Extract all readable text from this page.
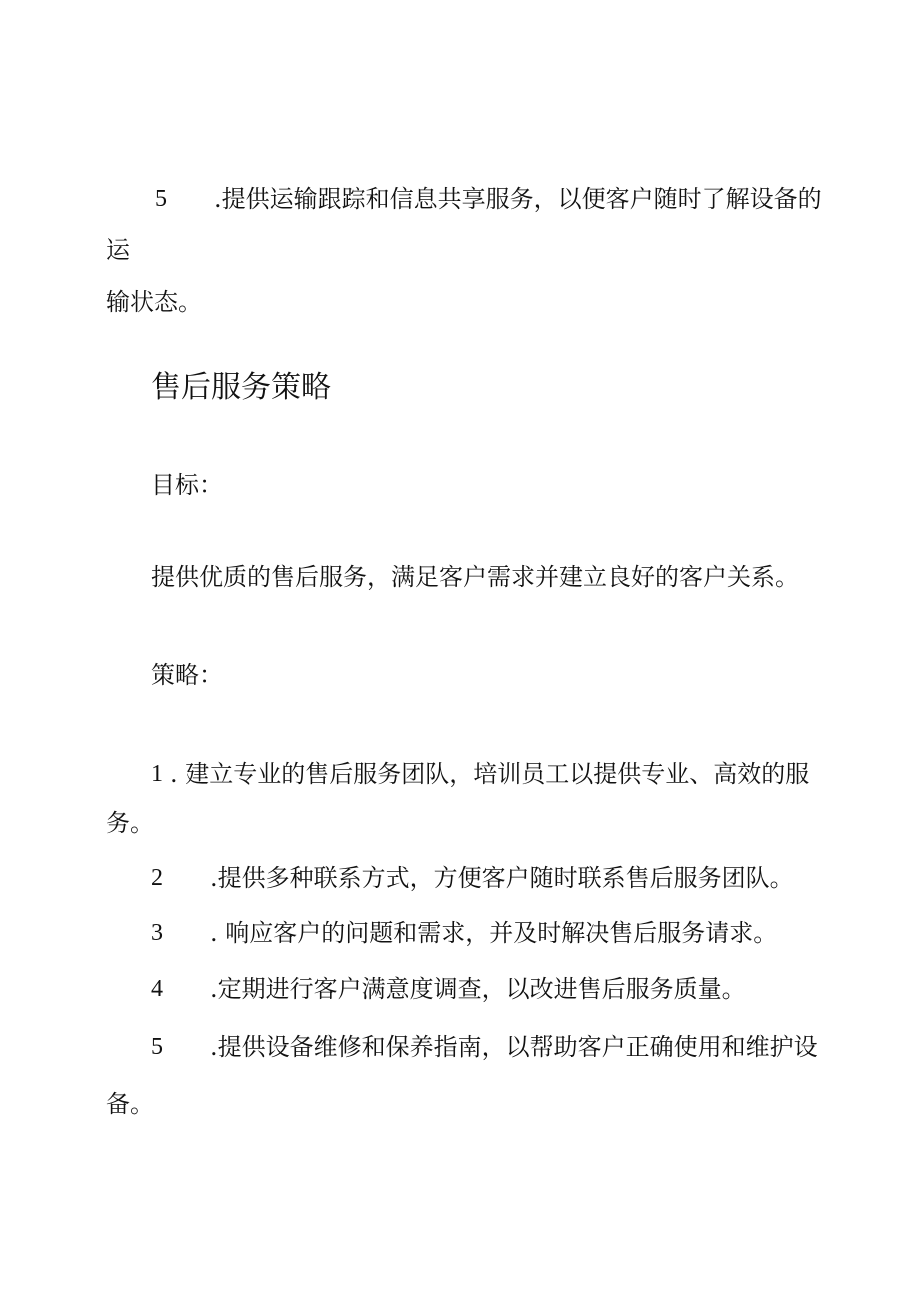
5 .提供运输跟踪和信息共享服务，以便客户随时了解设备的
运
输状态。
售后服务策略
目标：
提供优质的售后服务，满足客户需求并建立良好的客户关系。
策略：
1 . 建立专业的售后服务团队，培训员工以提供专业、高效的服
务。
2 .提供多种联系方式，方便客户随时联系售后服务团队。
3 . 响应客户的问题和需求，并及时解决售后服务请求。
4 .定期进行客户满意度调查，以改进售后服务质量。
5 .提供设备维修和保养指南，以帮助客户正确使用和维护设
备。
